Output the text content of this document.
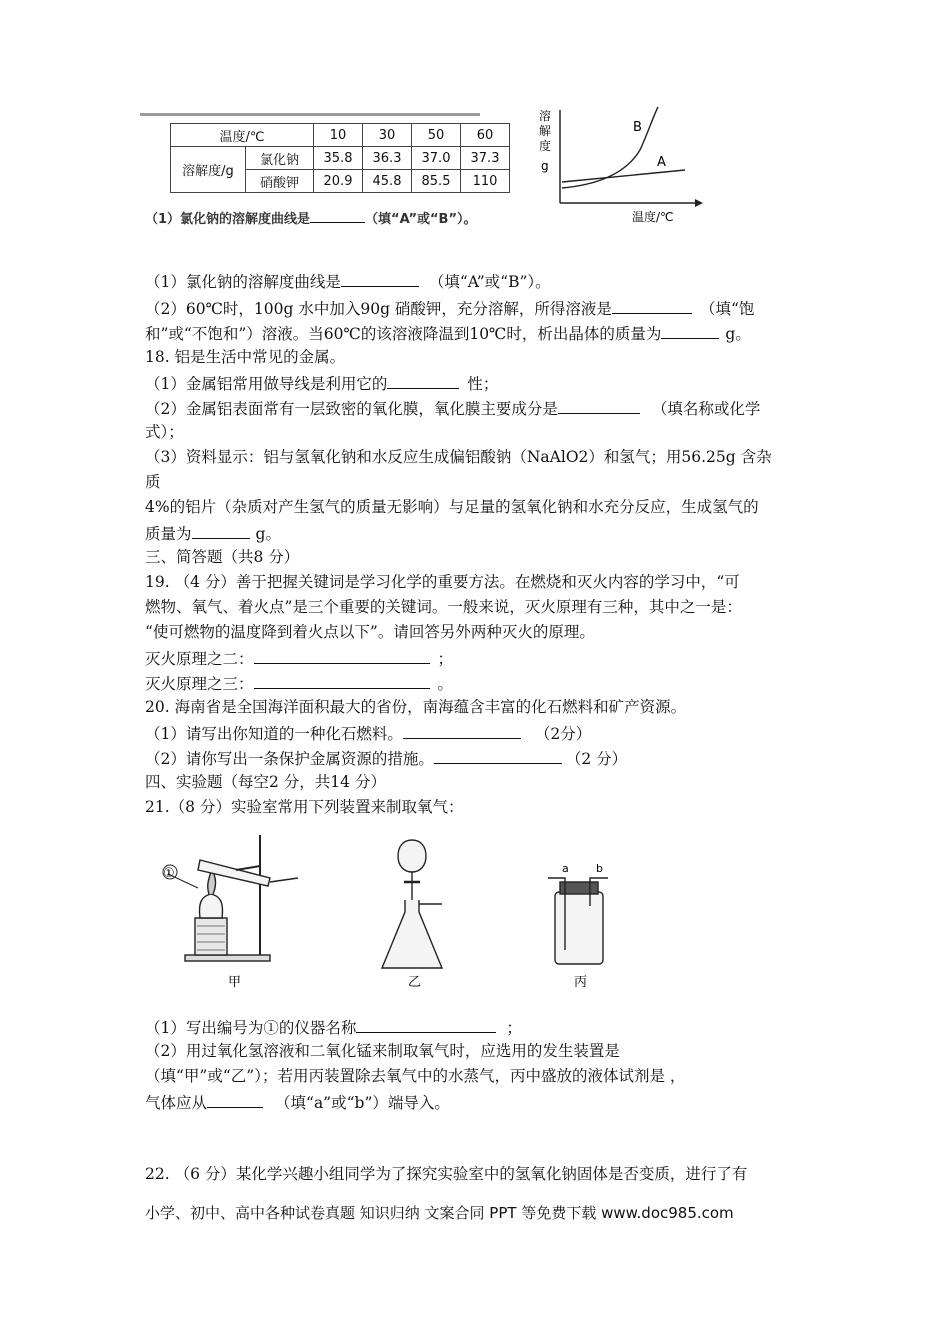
温度/℃		10	30	50	60
溶解度/g	氯化钠	35.8	36.3	37.0	37.3
	硝酸钾	20.9	45.8	85.5	110
（1）氯化钠的溶解度曲线是	（填“A”或“B”）。
B
A
溶
解
度
g
温度/℃
（1）氯化钠的溶解度曲线是	（填“A”或“B”）。
（2）60℃时，100g 水中加入90g 硝酸钾，充分溶解，所得溶液是	（填“饱
和”或“不饱和”）溶液。当60℃的该溶液降温到10℃时，析出晶体的质量为	g。
18. 铝是生活中常见的金属。
（1）金属铝常用做导线是利用它的	性；
（2）金属铝表面常有一层致密的氧化膜，氧化膜主要成分是	（填名称或化学
式）；
（3）资料显示：铝与氢氧化钠和水反应生成偏铝酸钠（NaAlO2）和氢气；用56.25g 含杂
质
4%的铝片（杂质对产生氢气的质量无影响）与足量的氢氧化钠和水充分反应，生成氢气的
质量为	g。
三、简答题（共8 分）
19. （4 分）善于把握关键词是学习化学的重要方法。在燃烧和灭火内容的学习中，“可
燃物、氧气、着火点”是三个重要的关键词。一般来说，灭火原理有三种，其中之一是：
“使可燃物的温度降到着火点以下”。请回答另外两种灭火的原理。
灭火原理之二：	；
灭火原理之三：	。
20. 海南省是全国海洋面积最大的省份，南海蕴含丰富的化石燃料和矿产资源。
（1）请写出你知道的一种化石燃料。	（2分）
（2）请你写出一条保护金属资源的措施。	（2 分）
四、实验题（每空2 分，共14 分）
21.（8 分）实验室常用下列装置来制取氧气：
①
甲	乙
a b
丙
（1）写出编号为①的仪器名称	；
（2）用过氧化氢溶液和二氧化锰来制取氧气时，应选用的发生装置是
（填“甲”或“乙”）；若用丙装置除去氧气中的水蒸气，丙中盛放的液体试剂是 ，
气体应从	（填“a”或“b”）端导入。
22. （6 分）某化学兴趣小组同学为了探究实验室中的氢氧化钠固体是否变质，进行了有
小学、初中、高中各种试卷真题 知识归纳 文案合同 PPT 等免费下载 www.doc985.com
